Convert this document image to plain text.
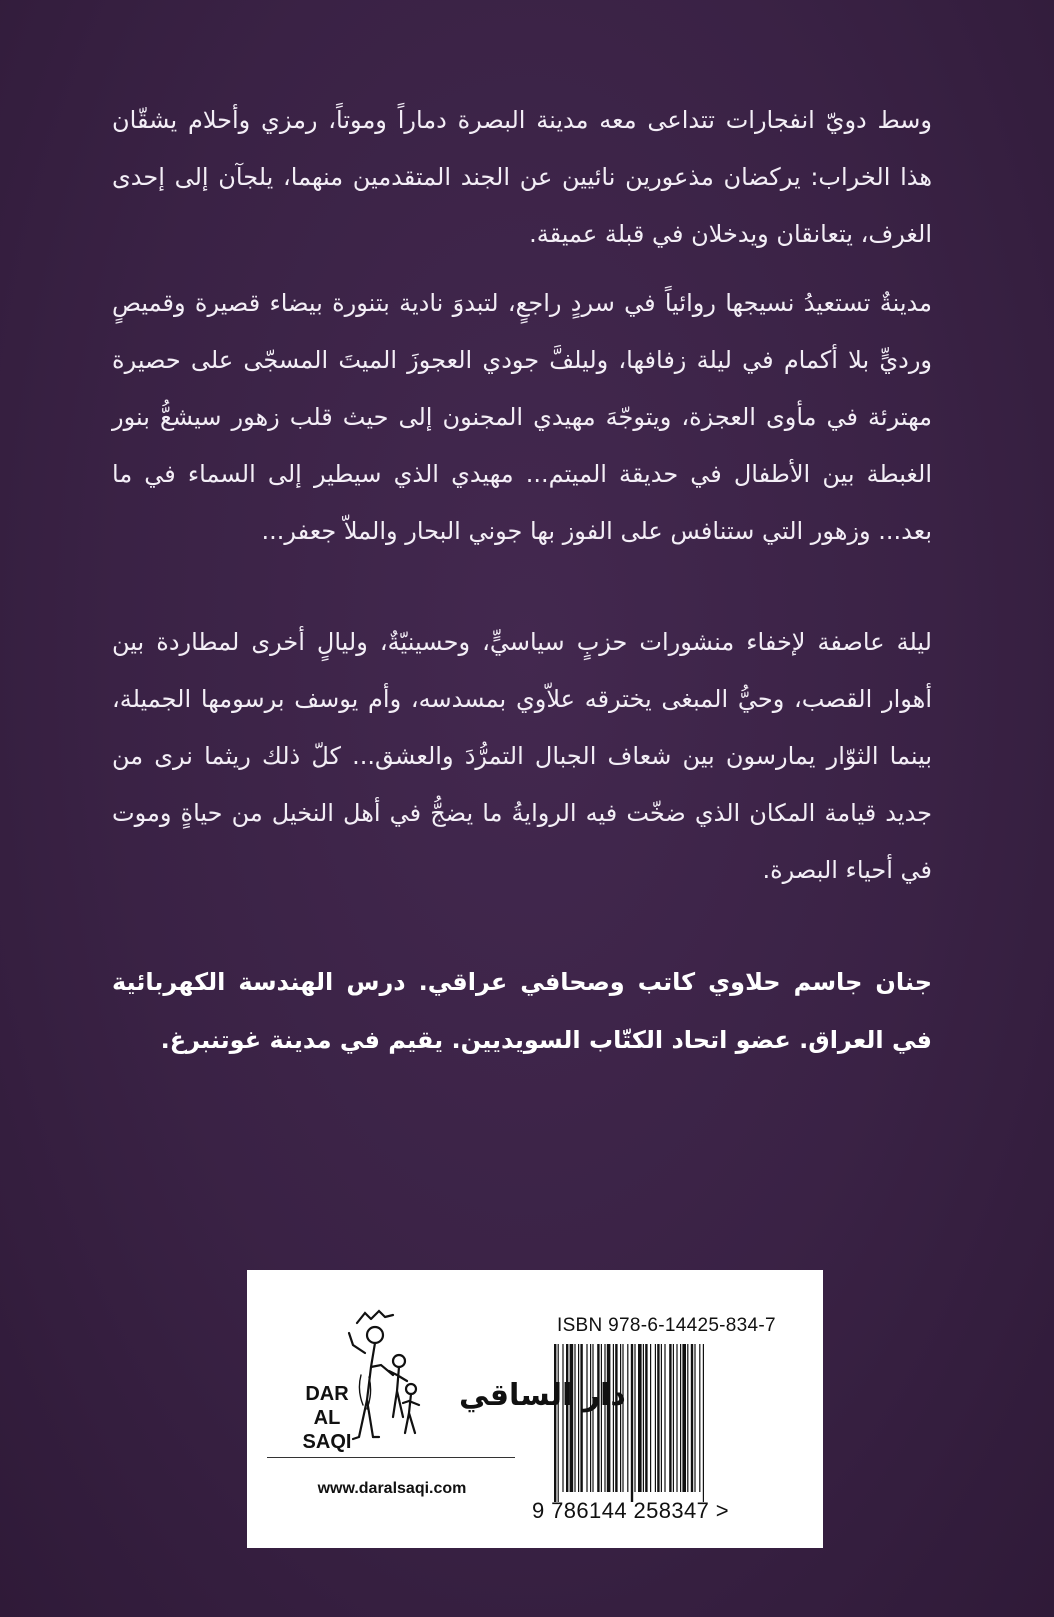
وسط دويّ انفجارات تتداعى معه مدينة البصرة دماراً وموتاً، رمزي وأحلام يشقّان هذا الخراب: يركضان مذعورين نائيين عن الجند المتقدمين منهما، يلجآن إلى إحدى الغرف، يتعانقان ويدخلان في قبلة عميقة.

مدينةٌ تستعيدُ نسيجها روائياً في سردٍ راجعٍ، لتبدوَ نادية بتنورة بيضاء قصيرة وقميصٍ ورديٍّ بلا أكمام في ليلة زفافها، وليلفَّ جودي العجوزَ الميتَ المسجّى على حصيرة مهترئة في مأوى العجزة، ويتوجّهَ مهيدي المجنون إلى حيث قلب زهور سيشعُّ بنور الغبطة بين الأطفال في حديقة الميتم... مهيدي الذي سيطير إلى السماء في ما بعد... وزهور التي ستنافس على الفوز بها جوني البحار والملاّ جعفر...

ليلة عاصفة لإخفاء منشورات حزبٍ سياسيٍّ، وحسينيّةٌ، وليالٍ أخرى لمطاردة بين أهوار القصب، وحيُّ المبغى يخترقه علاّوي بمسدسه، وأم يوسف برسومها الجميلة، بينما الثوّار يمارسون بين شعاف الجبال التمرُّدَ والعشق... كلّ ذلك ريثما نرى من جديد قيامة المكان الذي ضخّت فيه الروايةُ ما يضجُّ في أهل النخيل من حياةٍ وموت في أحياء البصرة.

جنان جاسم حلاوي كاتب وصحافي عراقي. درس الهندسة الكهربائية في العراق. عضو اتحاد الكتّاب السويديين. يقيم في مدينة غوتنبرغ.

ISBN 978-6-14425-834-7
9 786144 258347 >
DAR
AL SAQI
دار الساقي
www.daralsaqi.com
